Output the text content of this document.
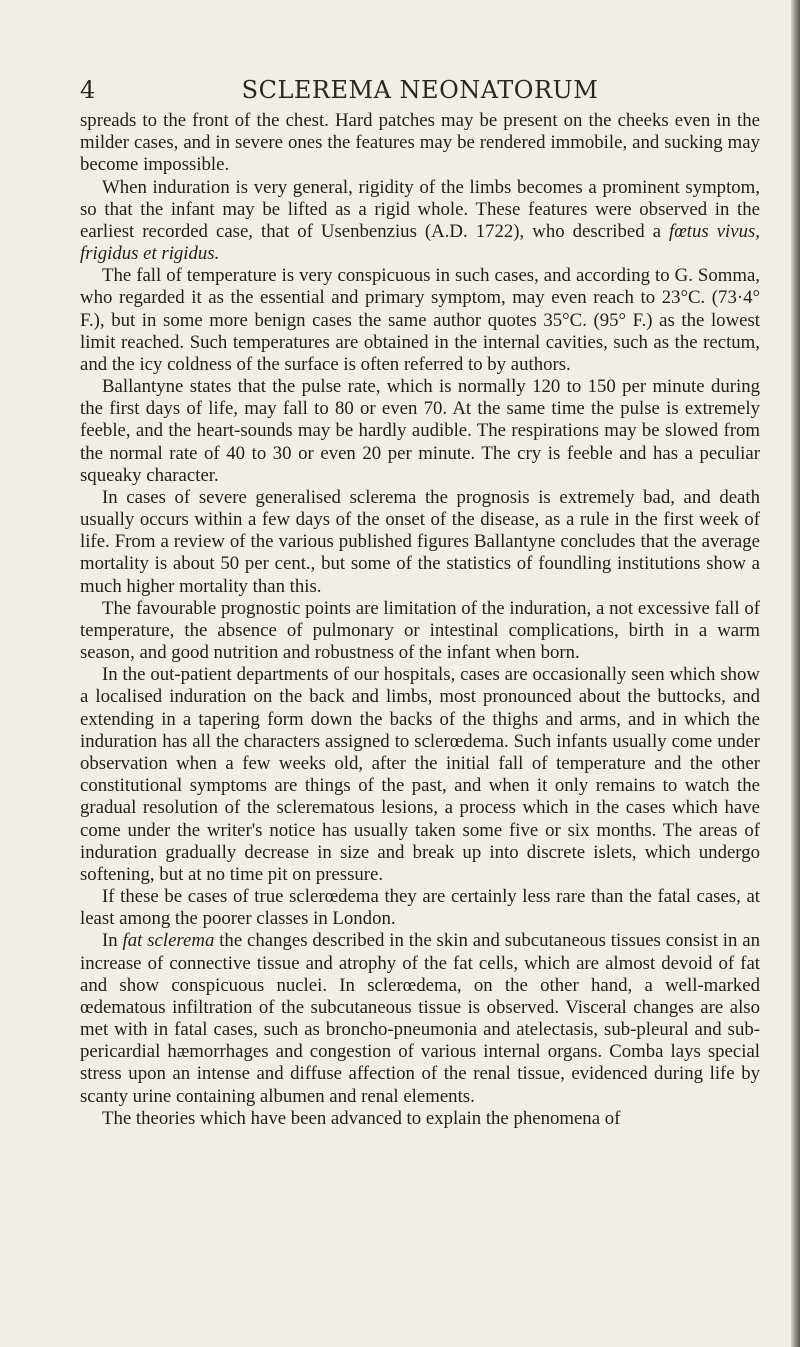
4	SCLEREMA NEONATORUM

spreads to the front of the chest. Hard patches may be present on the cheeks even in the milder cases, and in severe ones the features may be rendered immobile, and sucking may become impossible.

When induration is very general, rigidity of the limbs becomes a prominent symptom, so that the infant may be lifted as a rigid whole. These features were observed in the earliest recorded case, that of Usenbenzius (A.D. 1722), who described a fœtus vivus, frigidus et rigidus.

The fall of temperature is very conspicuous in such cases, and according to G. Somma, who regarded it as the essential and primary symptom, may even reach to 23°C. (73·4° F.), but in some more benign cases the same author quotes 35°C. (95° F.) as the lowest limit reached. Such temperatures are obtained in the internal cavities, such as the rectum, and the icy coldness of the surface is often referred to by authors.

Ballantyne states that the pulse rate, which is normally 120 to 150 per minute during the first days of life, may fall to 80 or even 70. At the same time the pulse is extremely feeble, and the heart-sounds may be hardly audible. The respirations may be slowed from the normal rate of 40 to 30 or even 20 per minute. The cry is feeble and has a peculiar squeaky character.

In cases of severe generalised sclerema the prognosis is extremely bad, and death usually occurs within a few days of the onset of the disease, as a rule in the first week of life. From a review of the various published figures Ballantyne concludes that the average mortality is about 50 per cent., but some of the statistics of foundling institutions show a much higher mortality than this.

The favourable prognostic points are limitation of the induration, a not excessive fall of temperature, the absence of pulmonary or intestinal complications, birth in a warm season, and good nutrition and robustness of the infant when born.

In the out-patient departments of our hospitals, cases are occasionally seen which show a localised induration on the back and limbs, most pronounced about the buttocks, and extending in a tapering form down the backs of the thighs and arms, and in which the induration has all the characters assigned to sclerœdema. Such infants usually come under observation when a few weeks old, after the initial fall of temperature and the other constitutional symptoms are things of the past, and when it only remains to watch the gradual resolution of the sclerematous lesions, a process which in the cases which have come under the writer's notice has usually taken some five or six months. The areas of induration gradually decrease in size and break up into discrete islets, which undergo softening, but at no time pit on pressure.

If these be cases of true sclerœdema they are certainly less rare than the fatal cases, at least among the poorer classes in London.

In fat sclerema the changes described in the skin and subcutaneous tissues consist in an increase of connective tissue and atrophy of the fat cells, which are almost devoid of fat and show conspicuous nuclei. In sclerœdema, on the other hand, a well-marked œdematous infiltration of the subcutaneous tissue is observed. Visceral changes are also met with in fatal cases, such as broncho-pneumonia and atelectasis, sub-pleural and sub-pericardial hæmorrhages and congestion of various internal organs. Comba lays special stress upon an intense and diffuse affection of the renal tissue, evidenced during life by scanty urine containing albumen and renal elements.

The theories which have been advanced to explain the phenomena of
